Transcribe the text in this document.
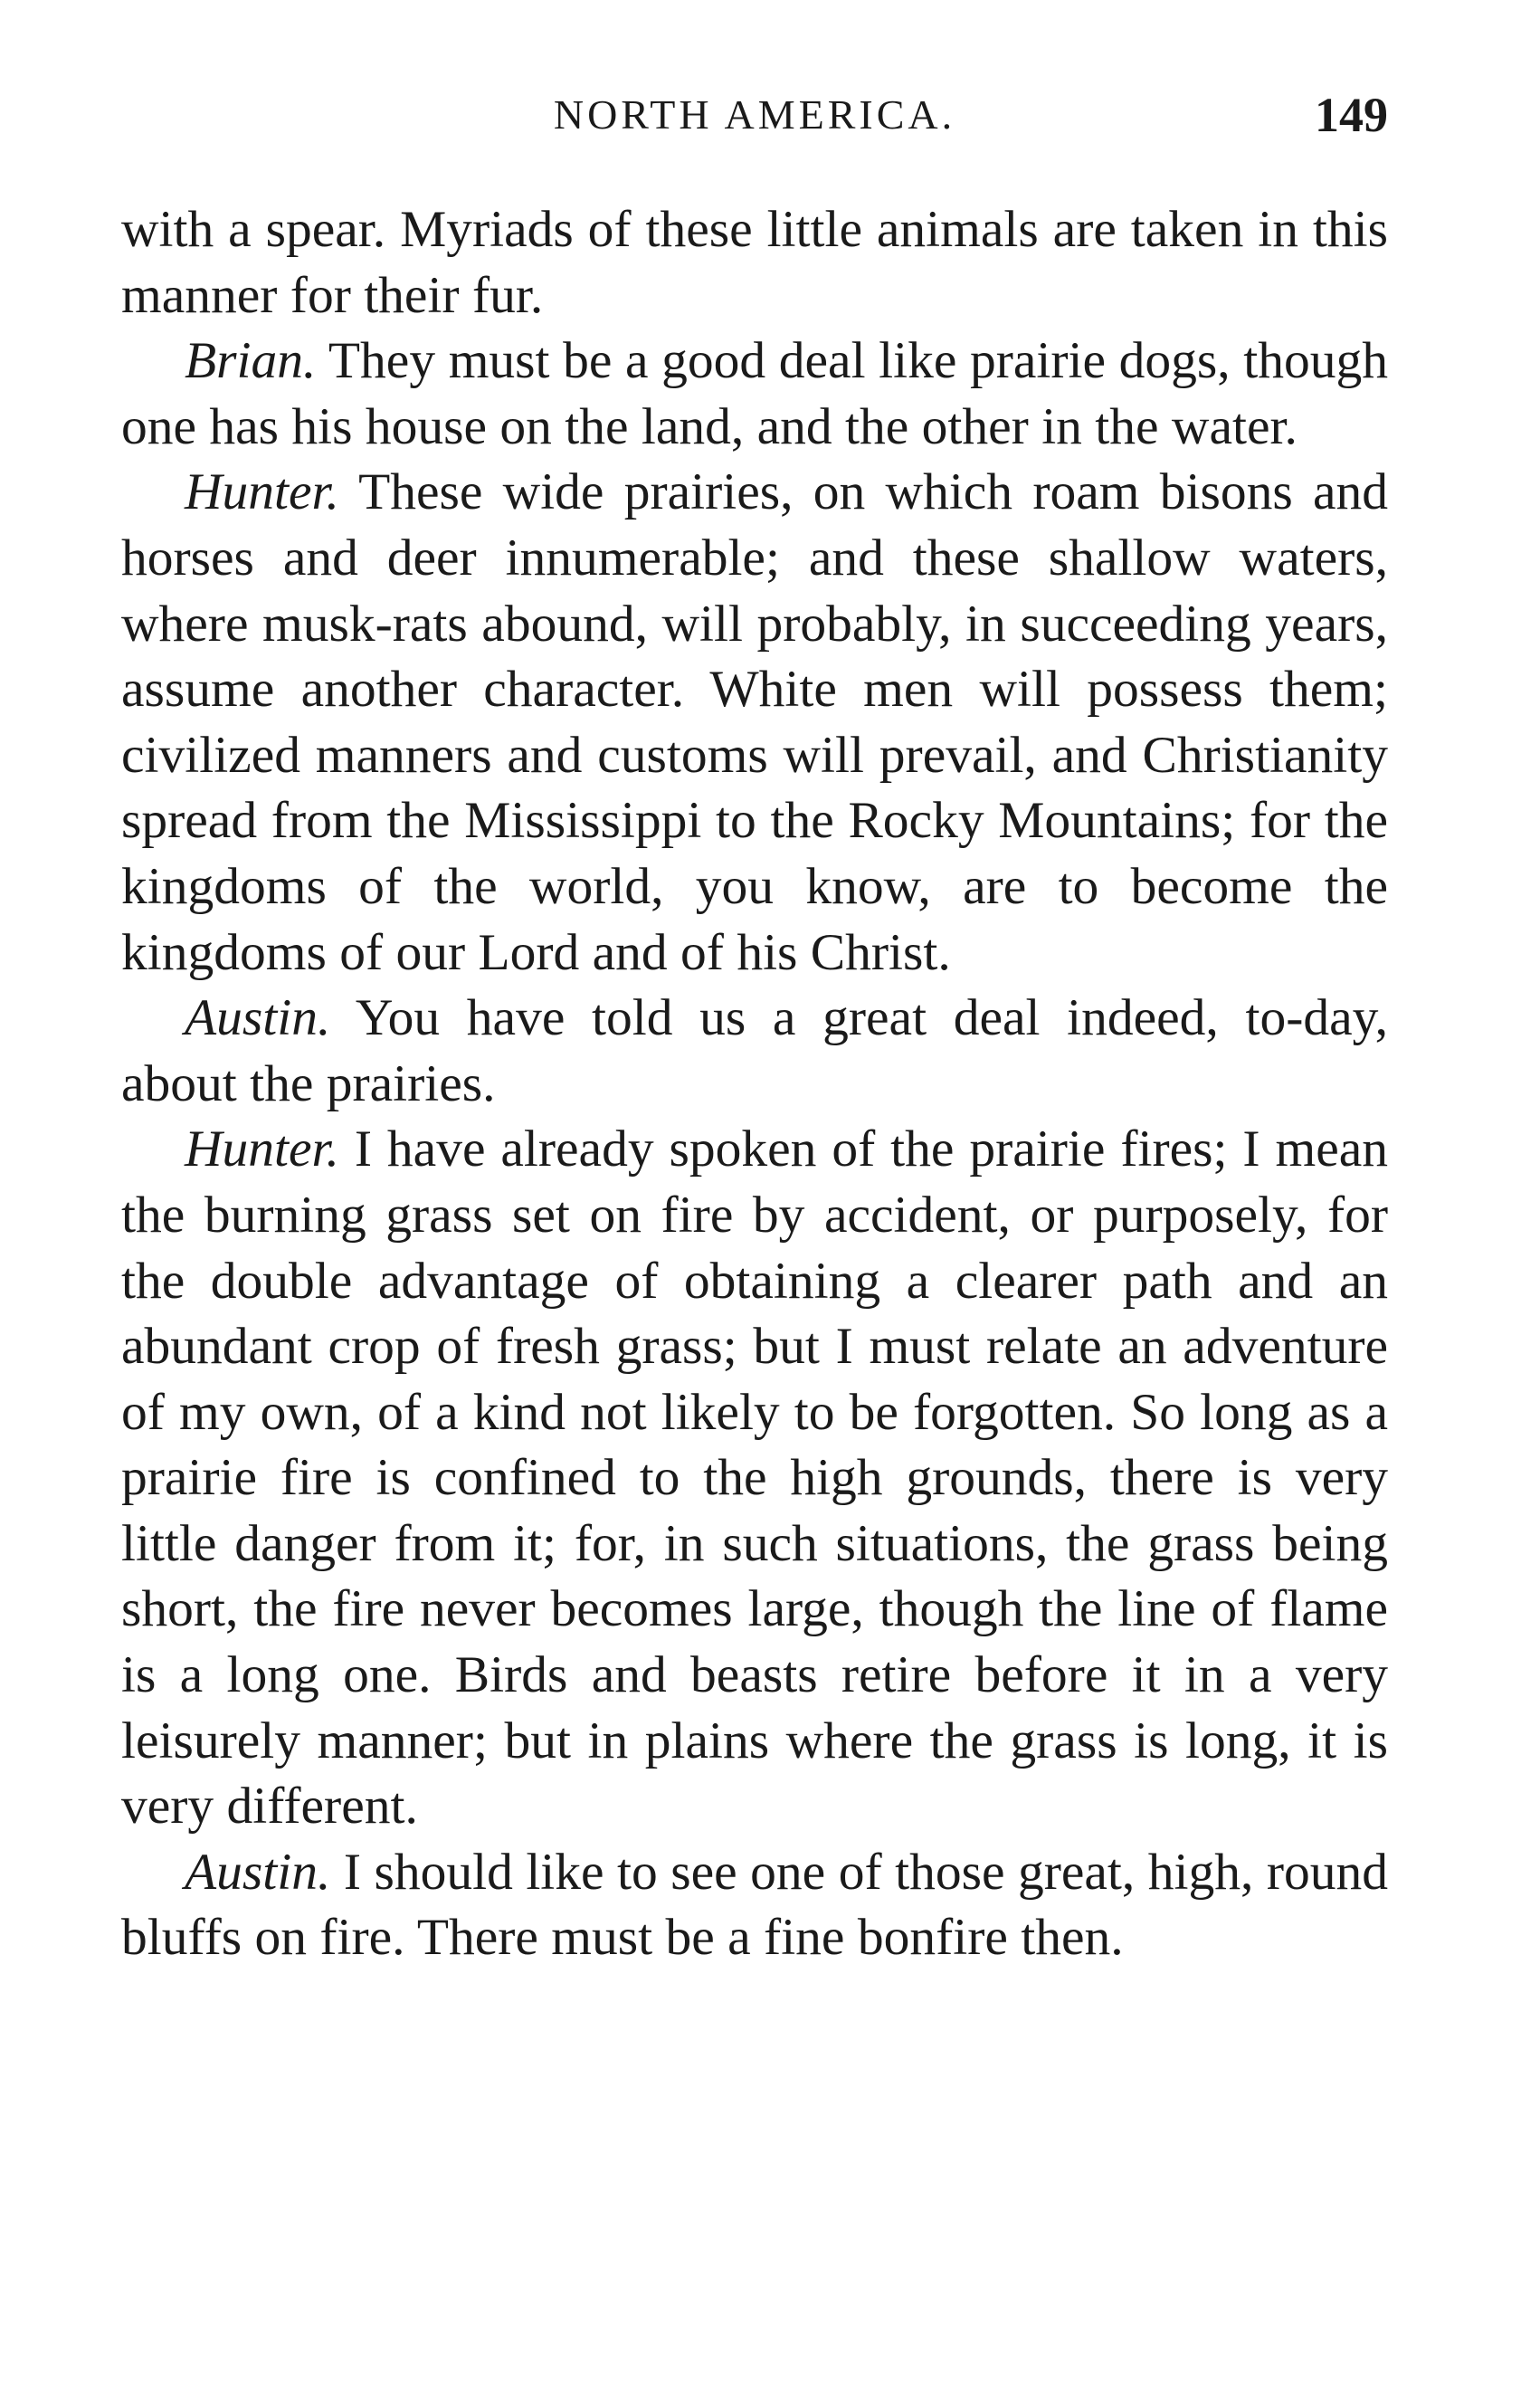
NORTH AMERICA.	149

with a spear. Myriads of these little animals are taken in this manner for their fur.

Brian. They must be a good deal like prairie dogs, though one has his house on the land, and the other in the water.

Hunter. These wide prairies, on which roam bisons and horses and deer innumerable; and these shallow waters, where musk-rats abound, will probably, in succeeding years, assume another character. White men will possess them; civilized manners and customs will prevail, and Christianity spread from the Mississippi to the Rocky Mountains; for the kingdoms of the world, you know, are to become the kingdoms of our Lord and of his Christ.

Austin. You have told us a great deal indeed, to-day, about the prairies.

Hunter. I have already spoken of the prairie fires; I mean the burning grass set on fire by accident, or purposely, for the double advantage of obtaining a clearer path and an abundant crop of fresh grass; but I must relate an adventure of my own, of a kind not likely to be forgotten. So long as a prairie fire is confined to the high grounds, there is very little danger from it; for, in such situations, the grass being short, the fire never becomes large, though the line of flame is a long one. Birds and beasts retire before it in a very leisurely manner; but in plains where the grass is long, it is very different.

Austin. I should like to see one of those great, high, round bluffs on fire. There must be a fine bonfire then.
